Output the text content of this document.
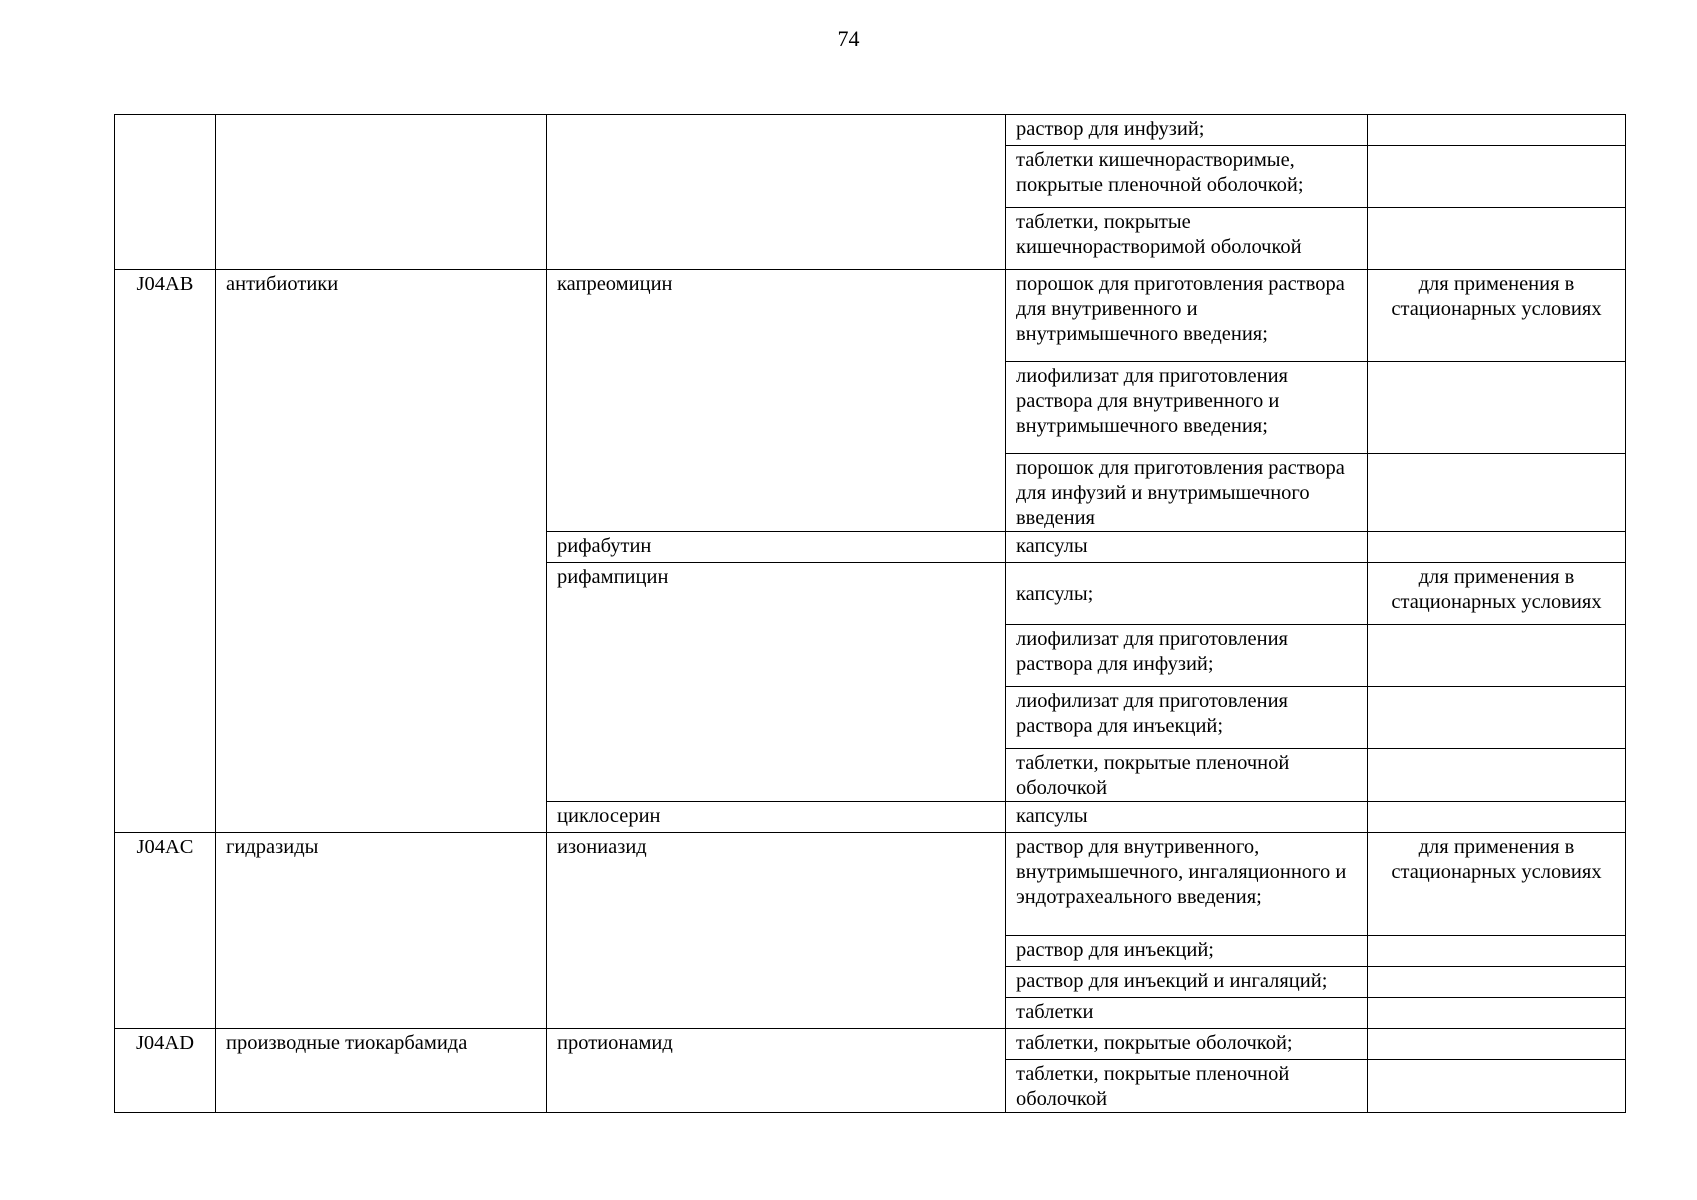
74
			раствор для инфузий;	
			таблетки кишечнорастворимые, покрытые пленочной оболочкой;	
			таблетки, покрытые кишечнорастворимой оболочкой	
J04AB	антибиотики	капреомицин	порошок для приготовления раствора для внутривенного и внутримышечного введения;	для применения в стационарных условиях
			лиофилизат для приготовления раствора для внутривенного и внутримышечного введения;	
			порошок для приготовления раствора для инфузий и внутримышечного введения	
		рифабутин	капсулы	
		рифампицин	капсулы;	для применения в стационарных условиях
			лиофилизат для приготовления раствора для инфузий;	
			лиофилизат для приготовления раствора для инъекций;	
			таблетки, покрытые пленочной оболочкой	
		циклосерин	капсулы	
J04AC	гидразиды	изониазид	раствор для внутривенного, внутримышечного, ингаляционного и эндотрахеального введения;	для применения в стационарных условиях
			раствор для инъекций;	
			раствор для инъекций и ингаляций;	
			таблетки	
J04AD	производные тиокарбамида	протионамид	таблетки, покрытые оболочкой;	
			таблетки, покрытые пленочной оболочкой	
